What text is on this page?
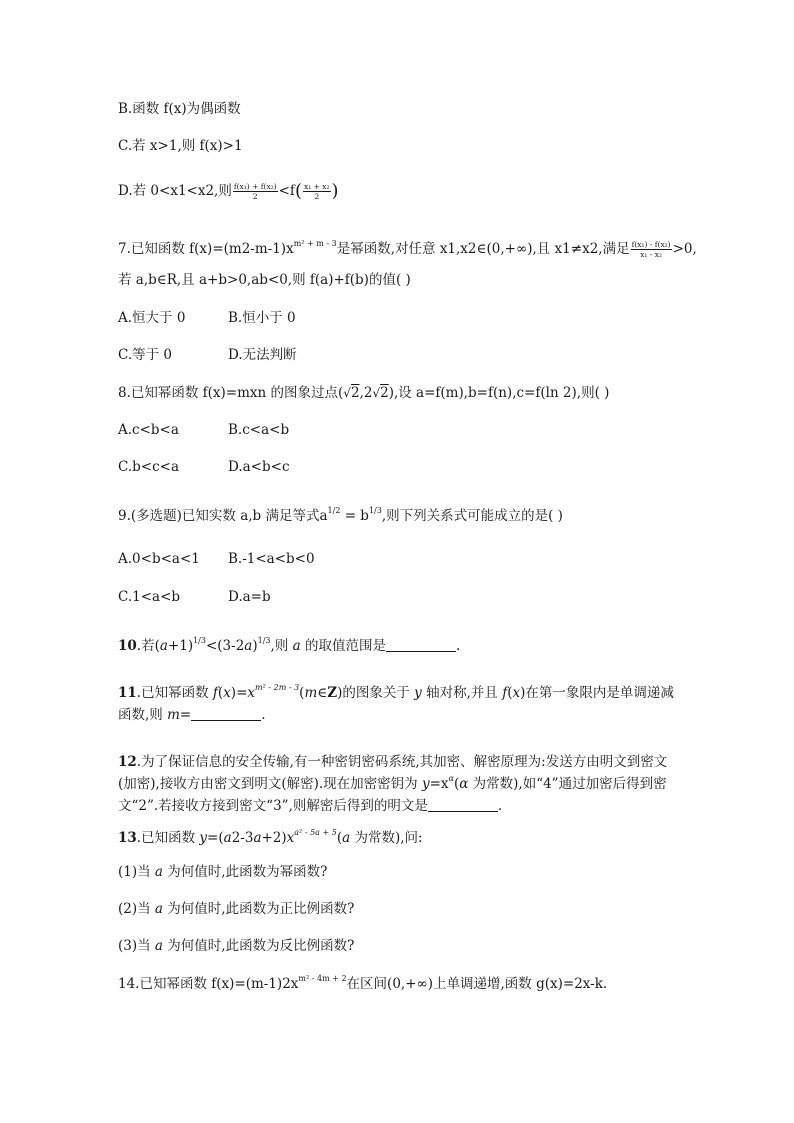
B.函数 f(x)为偶函数
C.若 x>1,则 f(x)>1
D.若 0<x1<x2,则 $\frac{\text{f(x₁) + f(x₂)}}{2} <f( \frac{\text{x₁ + x₂}}{2}$ )
7.已知函数 $f(x)=(m2-m-1)x^{m^2 + m - 3}$是幂函数,对任意 x1,x2∈(0,+∞),且 x1≠x2,满足 $\frac{\text{f(x₁) - f(x₂)}}{\text{x₁ - x₂}} >0$,
若 a,b∈R,且 a+b>0,ab<0,则 f(a)+f(b)的值( )
A.恒大于 0	B.恒小于 0
C.等于 0	D.无法判断
8.已知幂函数 f(x)=mxn 的图象过点(√2,2√2),设 a=f(m),b=f(n),c=f(ln 2),则( )
A.c<b<a	B.c<a<b
C.b<c<a	D.a<b<c
9.(多选题)已知实数 a,b 满足等式$a^{1/2} = b^{1/3}$,则下列关系式可能成立的是( )
A.0<b<a<1 B.-1<a<b<0
C.1<a<b	D.a=b
10.若$(a+1)^{1/3}<(3-2a)^{1/3}$,则 a 的取值范围是	.
11.已知幂函数 $f(x)=x^{m^2 - 2m - 3}(m\in Z)$的图象关于 y 轴对称,并且 f(x)在第一象限内是单调递减
函数,则 m=	.
12.为了保证信息的安全传输,有一种密钥密码系统,其加密、解密原理为:发送方由明文到密文
(加密),接收方由密文到明文(解密).现在加密密钥为 $y=x^\alpha(\alpha$ 为常数),如“4”通过加密后得到密
文“2”.若接收方接到密文“3”,则解密后得到的明文是	.
13.已知函数 $y=(a2-3a+2)x^{a^2 - 5a + 5}(a$ 为常数),问:
(1)当 a 为何值时,此函数为幂函数?
(2)当 a 为何值时,此函数为正比例函数?
(3)当 a 为何值时,此函数为反比例函数?
14.已知幂函数 $f(x)=(m-1)2x^{m^2 - 4m + 2}$在区间(0,+∞)上单调递增,函数 g(x)=2x-k.
